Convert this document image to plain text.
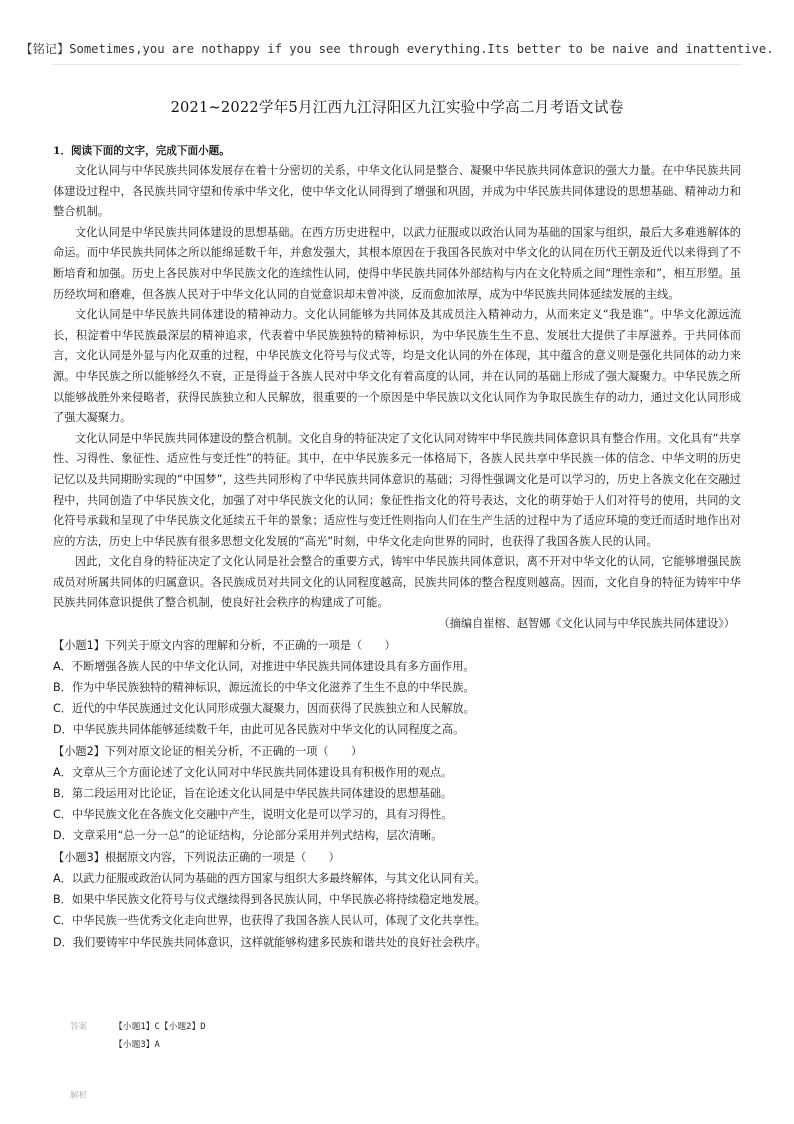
【铭记】Sometimes,you are nothappy if you see through everything.Its better to be naive and inattentive.
2021~2022学年5月江西九江浔阳区九江实验中学高二月考语文试卷

1．阅读下面的文字，完成下面小题。

文化认同与中华民族共同体发展存在着十分密切的关系，中华文化认同是整合、凝聚中华民族共同体意识的强大力量。在中华民族共同体建设过程中，各民族共同守望和传承中华文化，使中华文化认同得到了增强和巩固，并成为中华民族共同体建设的思想基础、精神动力和整合机制。

文化认同是中华民族共同体建设的思想基础。在西方历史进程中，以武力征服或以政治认同为基础的国家与组织，最后大多难逃解体的命运。而中华民族共同体之所以能绵延数千年，并愈发强大，其根本原因在于我国各民族对中华文化的认同在历代王朝及近代以来得到了不断培育和加强。历史上各民族对中华民族文化的连续性认同，使得中华民族共同体外部结构与内在文化特质之间“理性亲和”，相互形塑。虽历经坎坷和磨难，但各族人民对于中华文化认同的自觉意识却未曾冲淡，反而愈加浓厚，成为中华民族共同体延续发展的主线。

文化认同是中华民族共同体建设的精神动力。文化认同能够为共同体及其成员注入精神动力，从而来定义“我是谁”。中华文化源远流长，积淀着中华民族最深层的精神追求，代表着中华民族独特的精神标识，为中华民族生生不息、发展壮大提供了丰厚滋养。于共同体而言，文化认同是外显与内化双重的过程，中华民族文化符号与仪式等，均是文化认同的外在体现，其中蕴含的意义则是强化共同体的动力来源。中华民族之所以能够经久不衰，正是得益于各族人民对中华文化有着高度的认同，并在认同的基础上形成了强大凝聚力。中华民族之所以能够战胜外来侵略者，获得民族独立和人民解放，很重要的一个原因是中华民族以文化认同作为争取民族生存的动力，通过文化认同形成了强大凝聚力。

文化认同是中华民族共同体建设的整合机制。文化自身的特征决定了文化认同对铸牢中华民族共同体意识具有整合作用。文化具有“共享性、习得性、象征性、适应性与变迁性”的特征。其中，在中华民族多元一体格局下，各族人民共享中华民族一体的信念、中华文明的历史记忆以及共同期盼实现的“中国梦”，这些共同形构了中华民族共同体意识的基础；习得性强调文化是可以学习的，历史上各族文化在交融过程中，共同创造了中华民族文化，加强了对中华民族文化的认同；象征性指文化的符号表达，文化的萌芽始于人们对符号的使用，共同的文化符号承载和呈现了中华民族文化延续五千年的景象；适应性与变迁性则指向人们在生产生活的过程中为了适应环境的变迁而适时地作出对应的方法，历史上中华民族有很多思想文化发展的“高光”时刻，中华文化走向世界的同时，也获得了我国各族人民的认同。

因此，文化自身的特征决定了文化认同是社会整合的重要方式，铸牢中华民族共同体意识，离不开对中华文化的认同，它能够增强民族成员对所属共同体的归属意识。各民族成员对共同文化的认同程度越高，民族共同体的整合程度则越高。因而，文化自身的特征为铸牢中华民族共同体意识提供了整合机制，使良好社会秩序的构建成了可能。

（摘编自崔榕、赵智娜《文化认同与中华民族共同体建设》）

【小题1】下列关于原文内容的理解和分析，不正确的一项是（　　）

A．不断增强各族人民的中华文化认同，对推进中华民族共同体建设具有多方面作用。

B．作为中华民族独特的精神标识，源远流长的中华文化滋养了生生不息的中华民族。

C．近代的中华民族通过文化认同形成强大凝聚力，因而获得了民族独立和人民解放。

D．中华民族共同体能够延续数千年，由此可见各民族对中华文化的认同程度之高。

【小题2】下列对原文论证的相关分析，不正确的一项（　　）

A．文章从三个方面论述了文化认同对中华民族共同体建设具有积极作用的观点。

B．第二段运用对比论证，旨在论述文化认同是中华民族共同体建设的思想基础。

C．中华民族文化在各族文化交融中产生，说明文化是可以学习的，具有习得性。

D．文章采用“总一分一总”的论证结构，分论部分采用并列式结构，层次清晰。

【小题3】根据原文内容，下列说法正确的一项是（　　）

A．以武力征服或政治认同为基础的西方国家与组织大多最终解体，与其文化认同有关。

B．如果中华民族文化符号与仪式继续得到各民族认同，中华民族必将持续稳定地发展。

C．中华民族一些优秀文化走向世界，也获得了我国各族人民认可，体现了文化共享性。

D．我们要铸牢中华民族共同体意识，这样就能够构建多民族和谐共处的良好社会秩序。

答案	【小题1】C【小题2】D
【小题3】A
解析
